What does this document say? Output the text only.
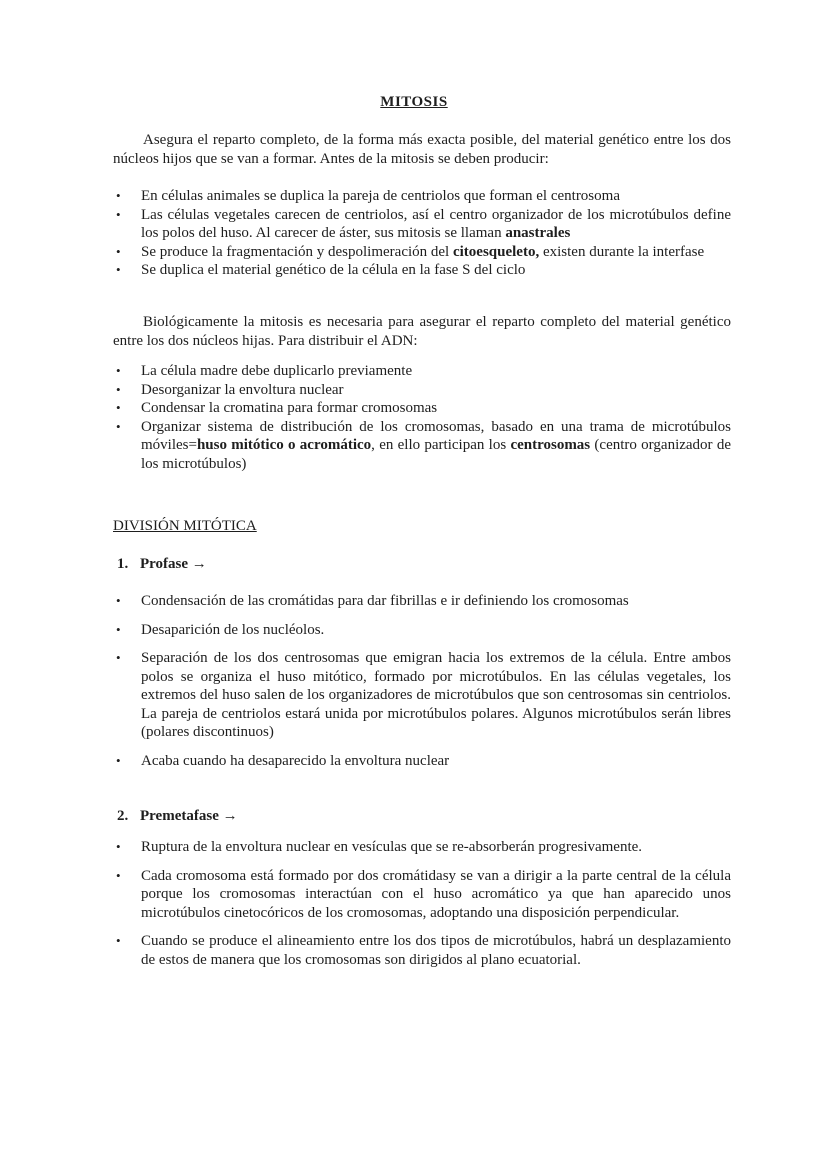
MITOSIS
Asegura el reparto completo, de la forma más exacta posible, del material genético entre los dos núcleos hijos que se van a formar. Antes de la mitosis se deben producir:
• En células animales se duplica la pareja de centriolos que forman el centrosoma
• Las células vegetales carecen de centriolos, así el centro organizador de los microtúbulos define los polos del huso. Al carecer de áster, sus mitosis se llaman anastrales
• Se produce la fragmentación y despolimeración del citoesqueleto, existen durante la interfase
• Se duplica el material genético de la célula en la fase S del ciclo
Biológicamente la mitosis es necesaria para asegurar el reparto completo del material genético entre los dos núcleos hijas. Para distribuir el ADN:
• La célula madre debe duplicarlo previamente
• Desorganizar la envoltura nuclear
• Condensar la cromatina para formar cromosomas
• Organizar sistema de distribución de los cromosomas, basado en una trama de microtúbulos móviles=huso mitótico o acromático, en ello participan los centrosomas (centro organizador de los microtúbulos)
DIVISIÓN MITÓTICA
1. Profase →
• Condensación de las cromátidas para dar fibrillas e ir definiendo los cromosomas
• Desaparición de los nucléolos.
• Separación de los dos centrosomas que emigran hacia los extremos de la célula. Entre ambos polos se organiza el huso mitótico, formado por microtúbulos. En las células vegetales, los extremos del huso salen de los organizadores de microtúbulos que son centrosomas sin centriolos. La pareja de centriolos estará unida por microtúbulos polares. Algunos microtúbulos serán libres (polares discontinuos)
• Acaba cuando ha desaparecido la envoltura nuclear
2. Premetafase →
• Ruptura de la envoltura nuclear en vesículas que se re-absorberán progresivamente.
• Cada cromosoma está formado por dos cromátidasy se van a dirigir a la parte central de la célula porque los cromosomas interactúan con el huso acromático ya que han aparecido unos microtúbulos cinetocóricos de los cromosomas, adoptando una disposición perpendicular.
• Cuando se produce el alineamiento entre los dos tipos de microtúbulos, habrá un desplazamiento de estos de manera que los cromosomas son dirigidos al plano ecuatorial.
